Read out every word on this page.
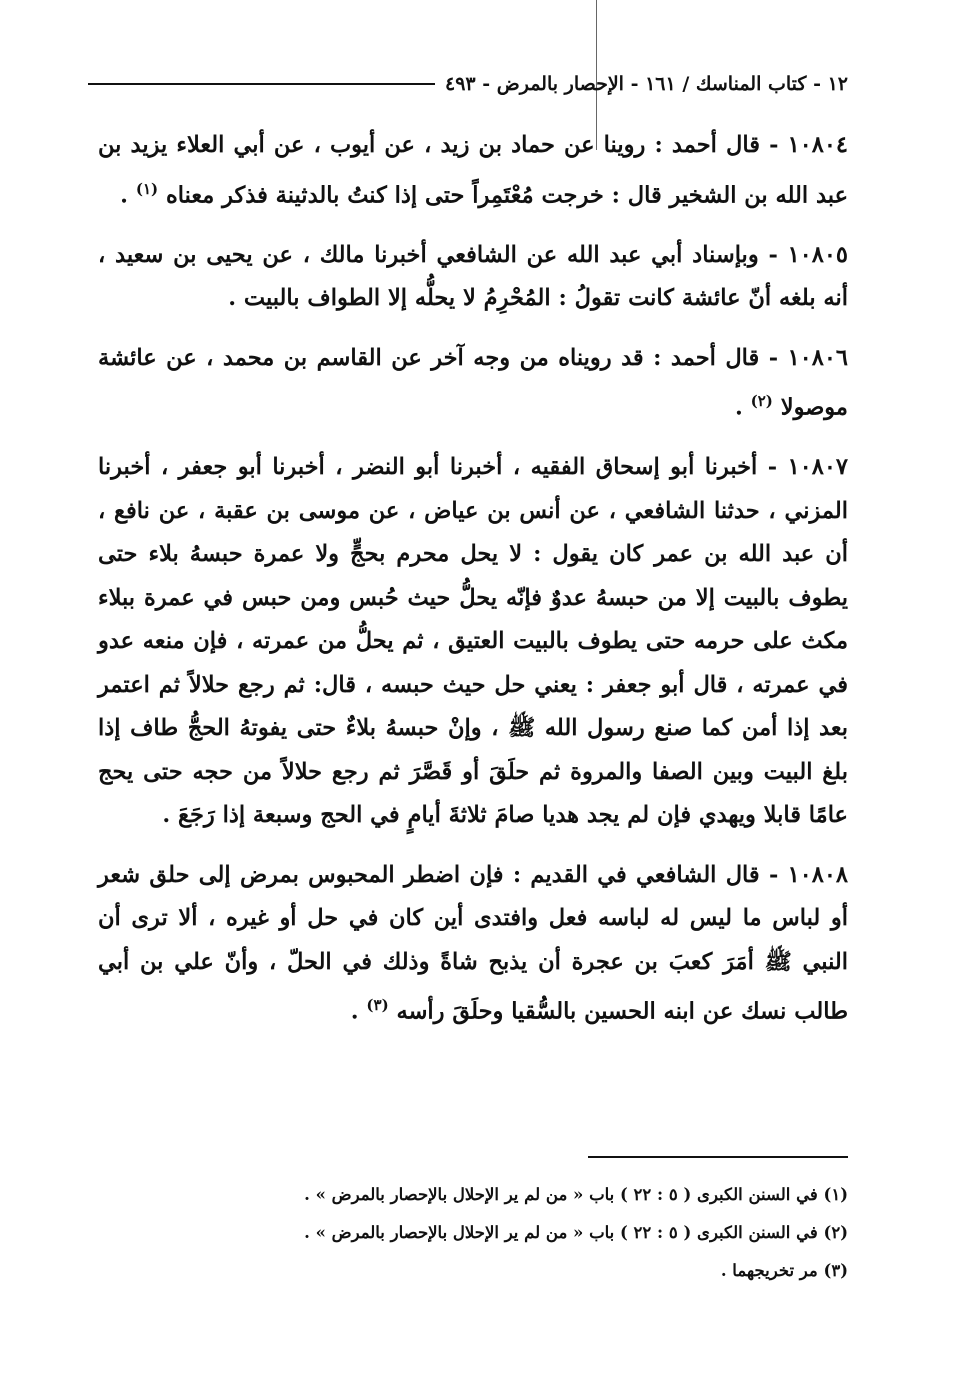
١٢ - كتاب المناسك / ١٦١ - الإحصار بالمرض - ٤٩٣

١٠٨٠٤ - قال أحمد : روينا عن حماد بن زيد ، عن أيوب ، عن أبي العلاء يزيد بن عبد الله بن الشخير قال : خرجت مُعْتَمِراً حتى إذا كنتُ بالدثينة فذكر معناه $^{(١)}$ .

١٠٨٠٥ - وبإسناد أبي عبد الله عن الشافعي أخبرنا مالك ، عن يحيى بن سعيد ، أنه بلغه أنّ عائشة كانت تقولُ : المُحْرِمُ لا يحلُّه إلا الطواف بالبيت .

١٠٨٠٦ - قال أحمد : قد رويناه من وجه آخر عن القاسم بن محمد ، عن عائشة موصولا $^{(٢)}$ .

١٠٨٠٧ - أخبرنا أبو إسحاق الفقيه ، أخبرنا أبو النضر ، أخبرنا أبو جعفر ، أخبرنا المزني ، حدثنا الشافعي ، عن أنس بن عياض ، عن موسى بن عقبة ، عن نافع ، أن عبد الله بن عمر كان يقول : لا يحل محرم بحجٍّ ولا عمرة حبسهُ بلاء حتى يطوف بالبيت إلا من حبسهُ عدوٌ فإنّه يحلُّ حيث حُبس ومن حبس في عمرة ببلاء مكث على حرمه حتى يطوف بالبيت العتيق ، ثم يحلُّ من عمرته ، فإن منعه عدو في عمرته ، قال أبو جعفر : يعني حل حيث حبسه ، قال: ثم رجع حلالاً ثم اعتمر بعد إذا أمن كما صنع رسول الله ﷺ ، وإنْ حبسهُ بلاءٌ حتى يفوتهُ الحجُّ طاف إذا بلغ البيت وبين الصفا والمروة ثم حلَقَ أو قَصَّرَ ثم رجع حلالاً من حجه حتى يحج عامًا قابلا ويهدي فإن لم يجد هديا صامَ ثلاثةَ أيامٍ في الحج وسبعة إذا رَجَعَ .

١٠٨٠٨ - قال الشافعي في القديم : فإن اضطر المحبوس بمرض إلى حلق شعر أو لباس ما ليس له لباسه فعل وافتدى أين كان في حل أو غيره ، ألا ترى أن النبي ﷺ أمَرَ كعبَ بن عجرة أن يذبح شاةً وذلك في الحلّ ، وأنّ علي بن أبي طالب نسك عن ابنه الحسين بالسُّقيا وحلَقَ رأسه $^{(٣)}$ .

(١) في السنن الكبرى ( ٥ : ٢٢ ) باب « من لم ير الإحلال بالإحصار بالمرض » .

(٢) في السنن الكبرى ( ٥ : ٢٢ ) باب « من لم ير الإحلال بالإحصار بالمرض » .

(٣) مر تخريجهما .
